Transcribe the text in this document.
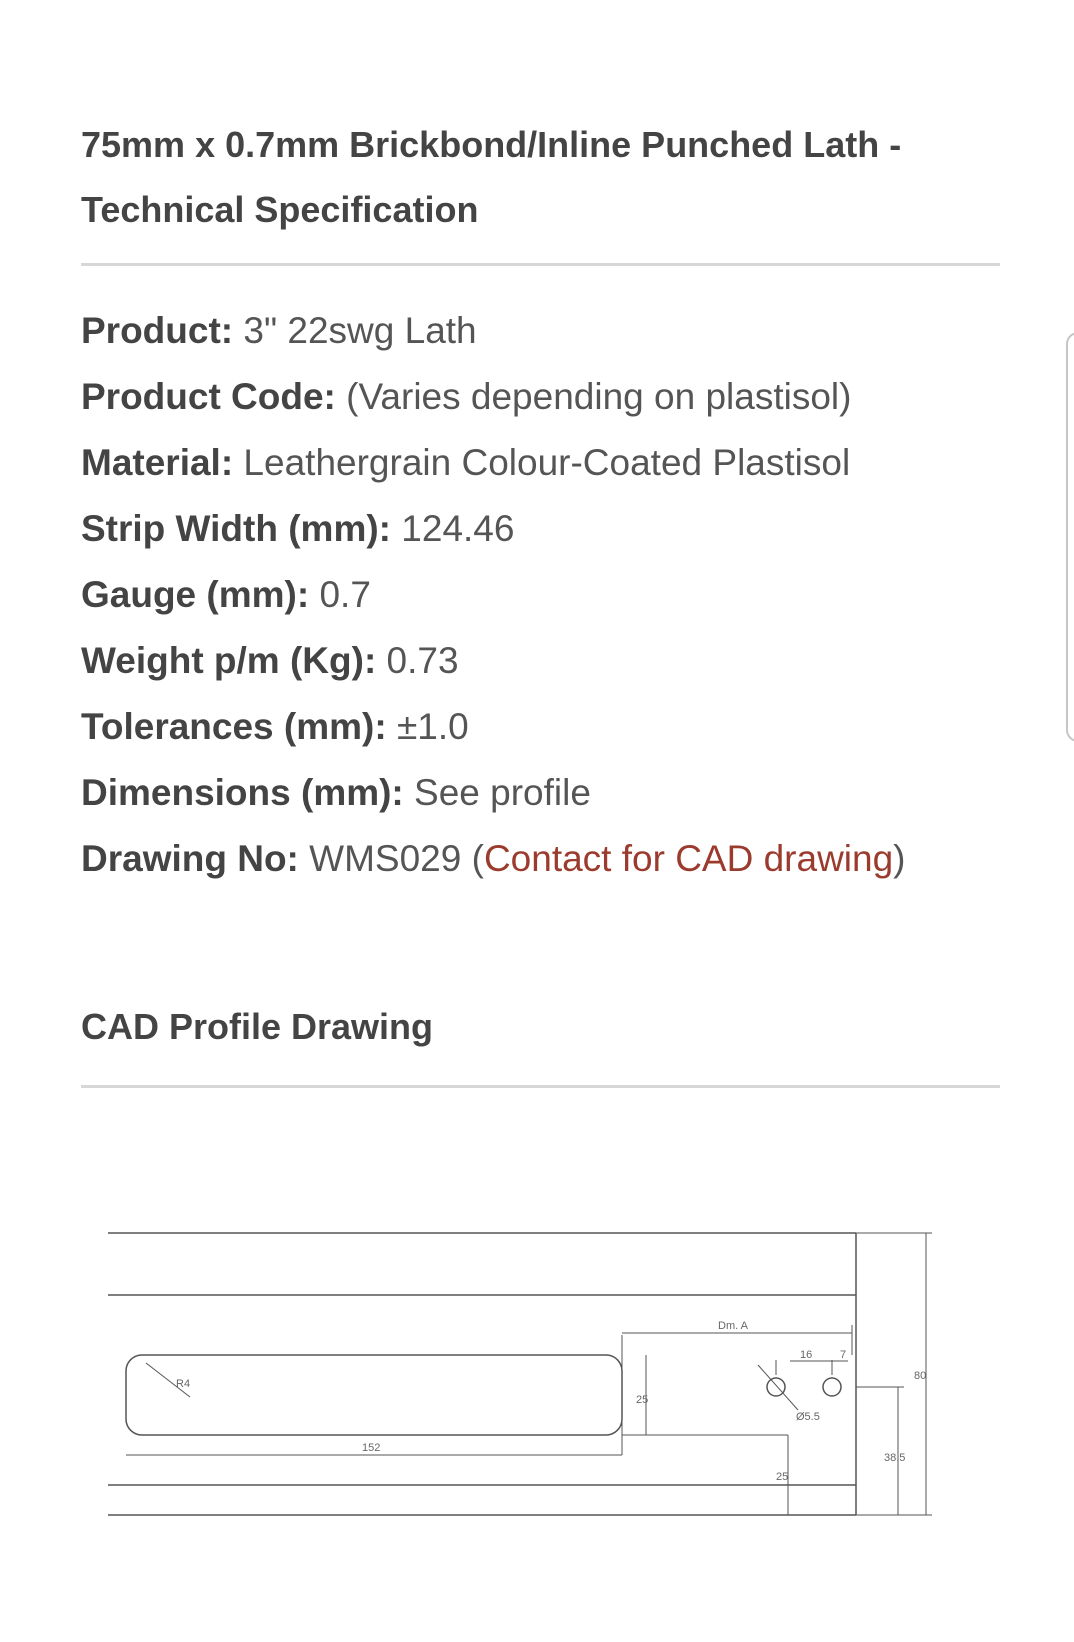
75mm x 0.7mm Brickbond/Inline Punched Lath - Technical Specification
Product: 3" 22swg Lath
Product Code: (Varies depending on plastisol)
Material: Leathergrain Colour-Coated Plastisol
Strip Width (mm): 124.46
Gauge (mm): 0.7
Weight p/m (Kg): 0.73
Tolerances (mm): ±1.0
Dimensions (mm): See profile
Drawing No: WMS029 (Contact for CAD drawing)
CAD Profile Drawing
Dm. A
16	7
R4
25
152
Ø5.5
25
38.5
80
